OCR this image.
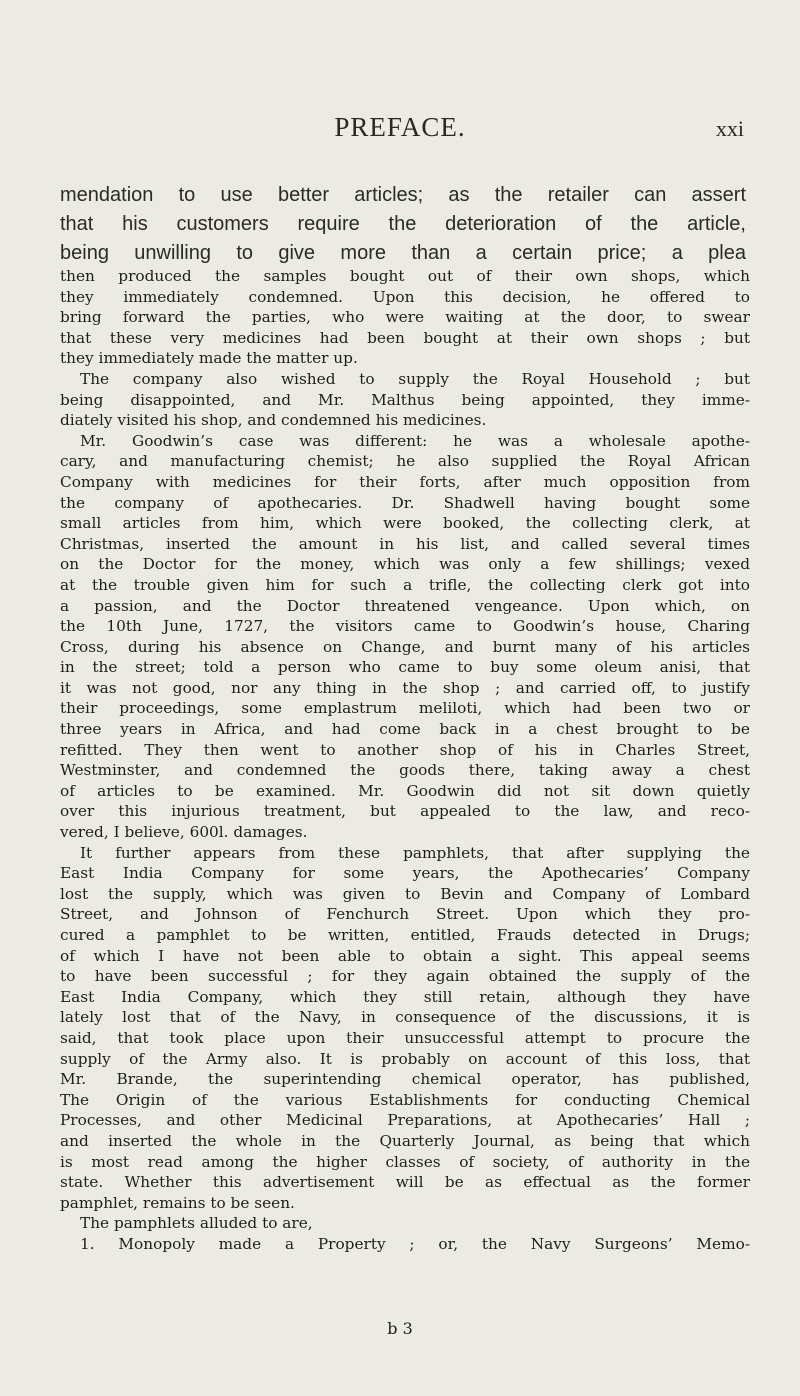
PREFACE.	xxi
mendation to use better articles; as the retailer can assert
that his customers require the deterioration of the article,
being unwilling to give more than a certain price; a plea
then produced the samples bought out of their own shops, which
they immediately condemned. Upon this decision, he offered to
bring forward the parties, who were waiting at the door, to swear
that these very medicines had been bought at their own shops ; but
they immediately made the matter up.
The company also wished to supply the Royal Household ; but
being disappointed, and Mr. Malthus being appointed, they imme-
diately visited his shop, and condemned his medicines.
Mr. Goodwin’s case was different: he was a wholesale apothe-
cary, and manufacturing chemist; he also supplied the Royal African
Company with medicines for their forts, after much opposition from
the company of apothecaries. Dr. Shadwell having bought some
small articles from him, which were booked, the collecting clerk, at
Christmas, inserted the amount in his list, and called several times
on the Doctor for the money, which was only a few shillings; vexed
at the trouble given him for such a trifle, the collecting clerk got into
a passion, and the Doctor threatened vengeance. Upon which, on
the 10th June, 1727, the visitors came to Goodwin’s house, Charing
Cross, during his absence on Change, and burnt many of his articles
in the street; told a person who came to buy some oleum anisi, that
it was not good, nor any thing in the shop ; and carried off, to justify
their proceedings, some emplastrum meliloti, which had been two or
three years in Africa, and had come back in a chest brought to be
refitted. They then went to another shop of his in Charles Street,
Westminster, and condemned the goods there, taking away a chest
of articles to be examined. Mr. Goodwin did not sit down quietly
over this injurious treatment, but appealed to the law, and reco-
vered, I believe, 600l. damages.
It further appears from these pamphlets, that after supplying the
East India Company for some years, the Apothecaries’ Company
lost the supply, which was given to Bevin and Company of Lombard
Street, and Johnson of Fenchurch Street. Upon which they pro-
cured a pamphlet to be written, entitled, Frauds detected in Drugs;
of which I have not been able to obtain a sight. This appeal seems
to have been successful ; for they again obtained the supply of the
East India Company, which they still retain, although they have
lately lost that of the Navy, in consequence of the discussions, it is
said, that took place upon their unsuccessful attempt to procure the
supply of the Army also. It is probably on account of this loss, that
Mr. Brande, the superintending chemical operator, has published,
The Origin of the various Establishments for conducting Chemical
Processes, and other Medicinal Preparations, at Apothecaries’ Hall ;
and inserted the whole in the Quarterly Journal, as being that which
is most read among the higher classes of society, of authority in the
state. Whether this advertisement will be as effectual as the former
pamphlet, remains to be seen.
The pamphlets alluded to are,
1. Monopoly made a Property ; or, the Navy Surgeons’ Memo-
b 3
